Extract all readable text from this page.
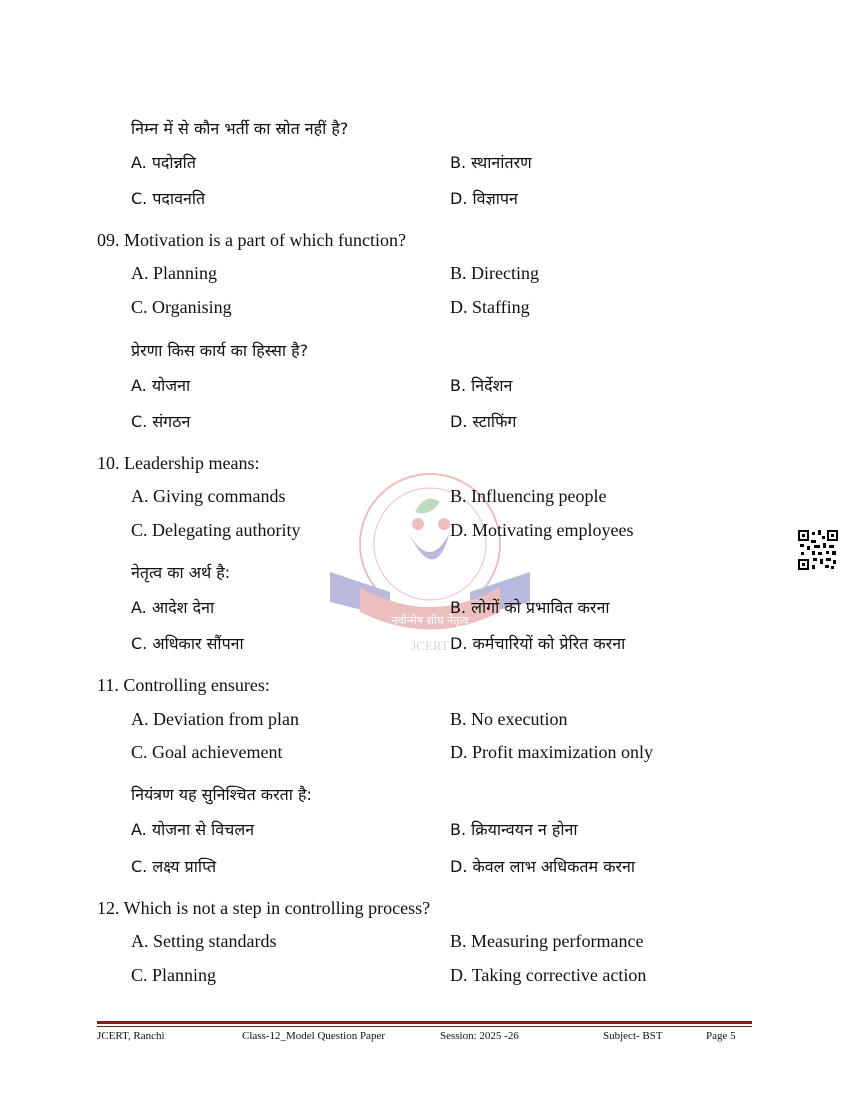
नवोन्मेष शोध नेतृत्व
JCERT
निम्न में से कौन भर्ती का स्रोत नहीं है?
A. पदोन्नति	B. स्थानांतरण
C. पदावनति	D. विज्ञापन
09. Motivation is a part of which function?
A. Planning	B. Directing
C. Organising	D. Staffing
प्रेरणा किस कार्य का हिस्सा है?
A. योजना	B. निर्देशन
C. संगठन	D. स्टाफिंग
10. Leadership means:
A. Giving commands	B. Influencing people
C. Delegating authority	D. Motivating employees
नेतृत्व का अर्थ है:
A. आदेश देना	B. लोगों को प्रभावित करना
C. अधिकार सौंपना	D. कर्मचारियों को प्रेरित करना
11. Controlling ensures:
A. Deviation from plan	B. No execution
C. Goal achievement	D. Profit maximization only
नियंत्रण यह सुनिश्चित करता है:
A. योजना से विचलन	B. क्रियान्वयन न होना
C. लक्ष्य प्राप्ति	D. केवल लाभ अधिकतम करना
12. Which is not a step in controlling process?
A. Setting standards	B. Measuring performance
C. Planning	D. Taking corrective action
JCERT, Ranchi	Class-12_Model Question Paper	Session: 2025 -26	Subject- BST	Page 5
